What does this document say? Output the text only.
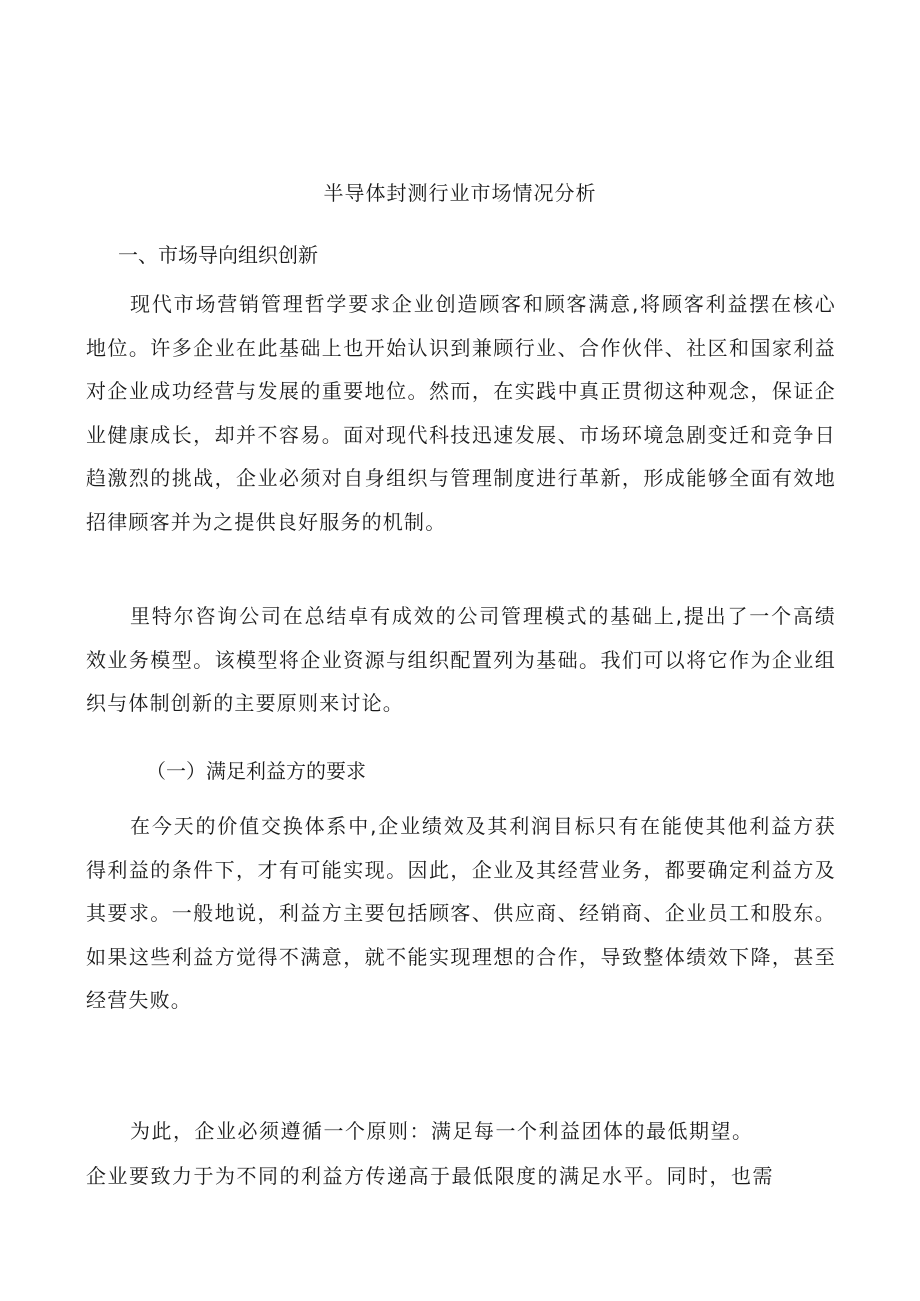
半导体封测行业市场情况分析
一、市场导向组织创新
现代市场营销管理哲学要求企业创造顾客和顾客满意,将顾客利益摆在核心地位。许多企业在此基础上也开始认识到兼顾行业、合作伙伴、社区和国家利益对企业成功经营与发展的重要地位。然而，在实践中真正贯彻这种观念，保证企业健康成长，却并不容易。面对现代科技迅速发展、市场环境急剧变迁和竞争日趋激烈的挑战，企业必须对自身组织与管理制度进行革新，形成能够全面有效地招律顾客并为之提供良好服务的机制。
里特尔咨询公司在总结卓有成效的公司管理模式的基础上,提出了一个高绩效业务模型。该模型将企业资源与组织配置列为基础。我们可以将它作为企业组织与体制创新的主要原则来讨论。
（一）满足利益方的要求
在今天的价值交换体系中,企业绩效及其利润目标只有在能使其他利益方获得利益的条件下，才有可能实现。因此，企业及其经营业务，都要确定利益方及其要求。一般地说，利益方主要包括顾客、供应商、经销商、企业员工和股东。如果这些利益方觉得不满意，就不能实现理想的合作，导致整体绩效下降，甚至经营失败。
为此，企业必须遵循一个原则：满足每一个利益团体的最低期望。
企业要致力于为不同的利益方传递高于最低限度的满足水平。同时，也需
